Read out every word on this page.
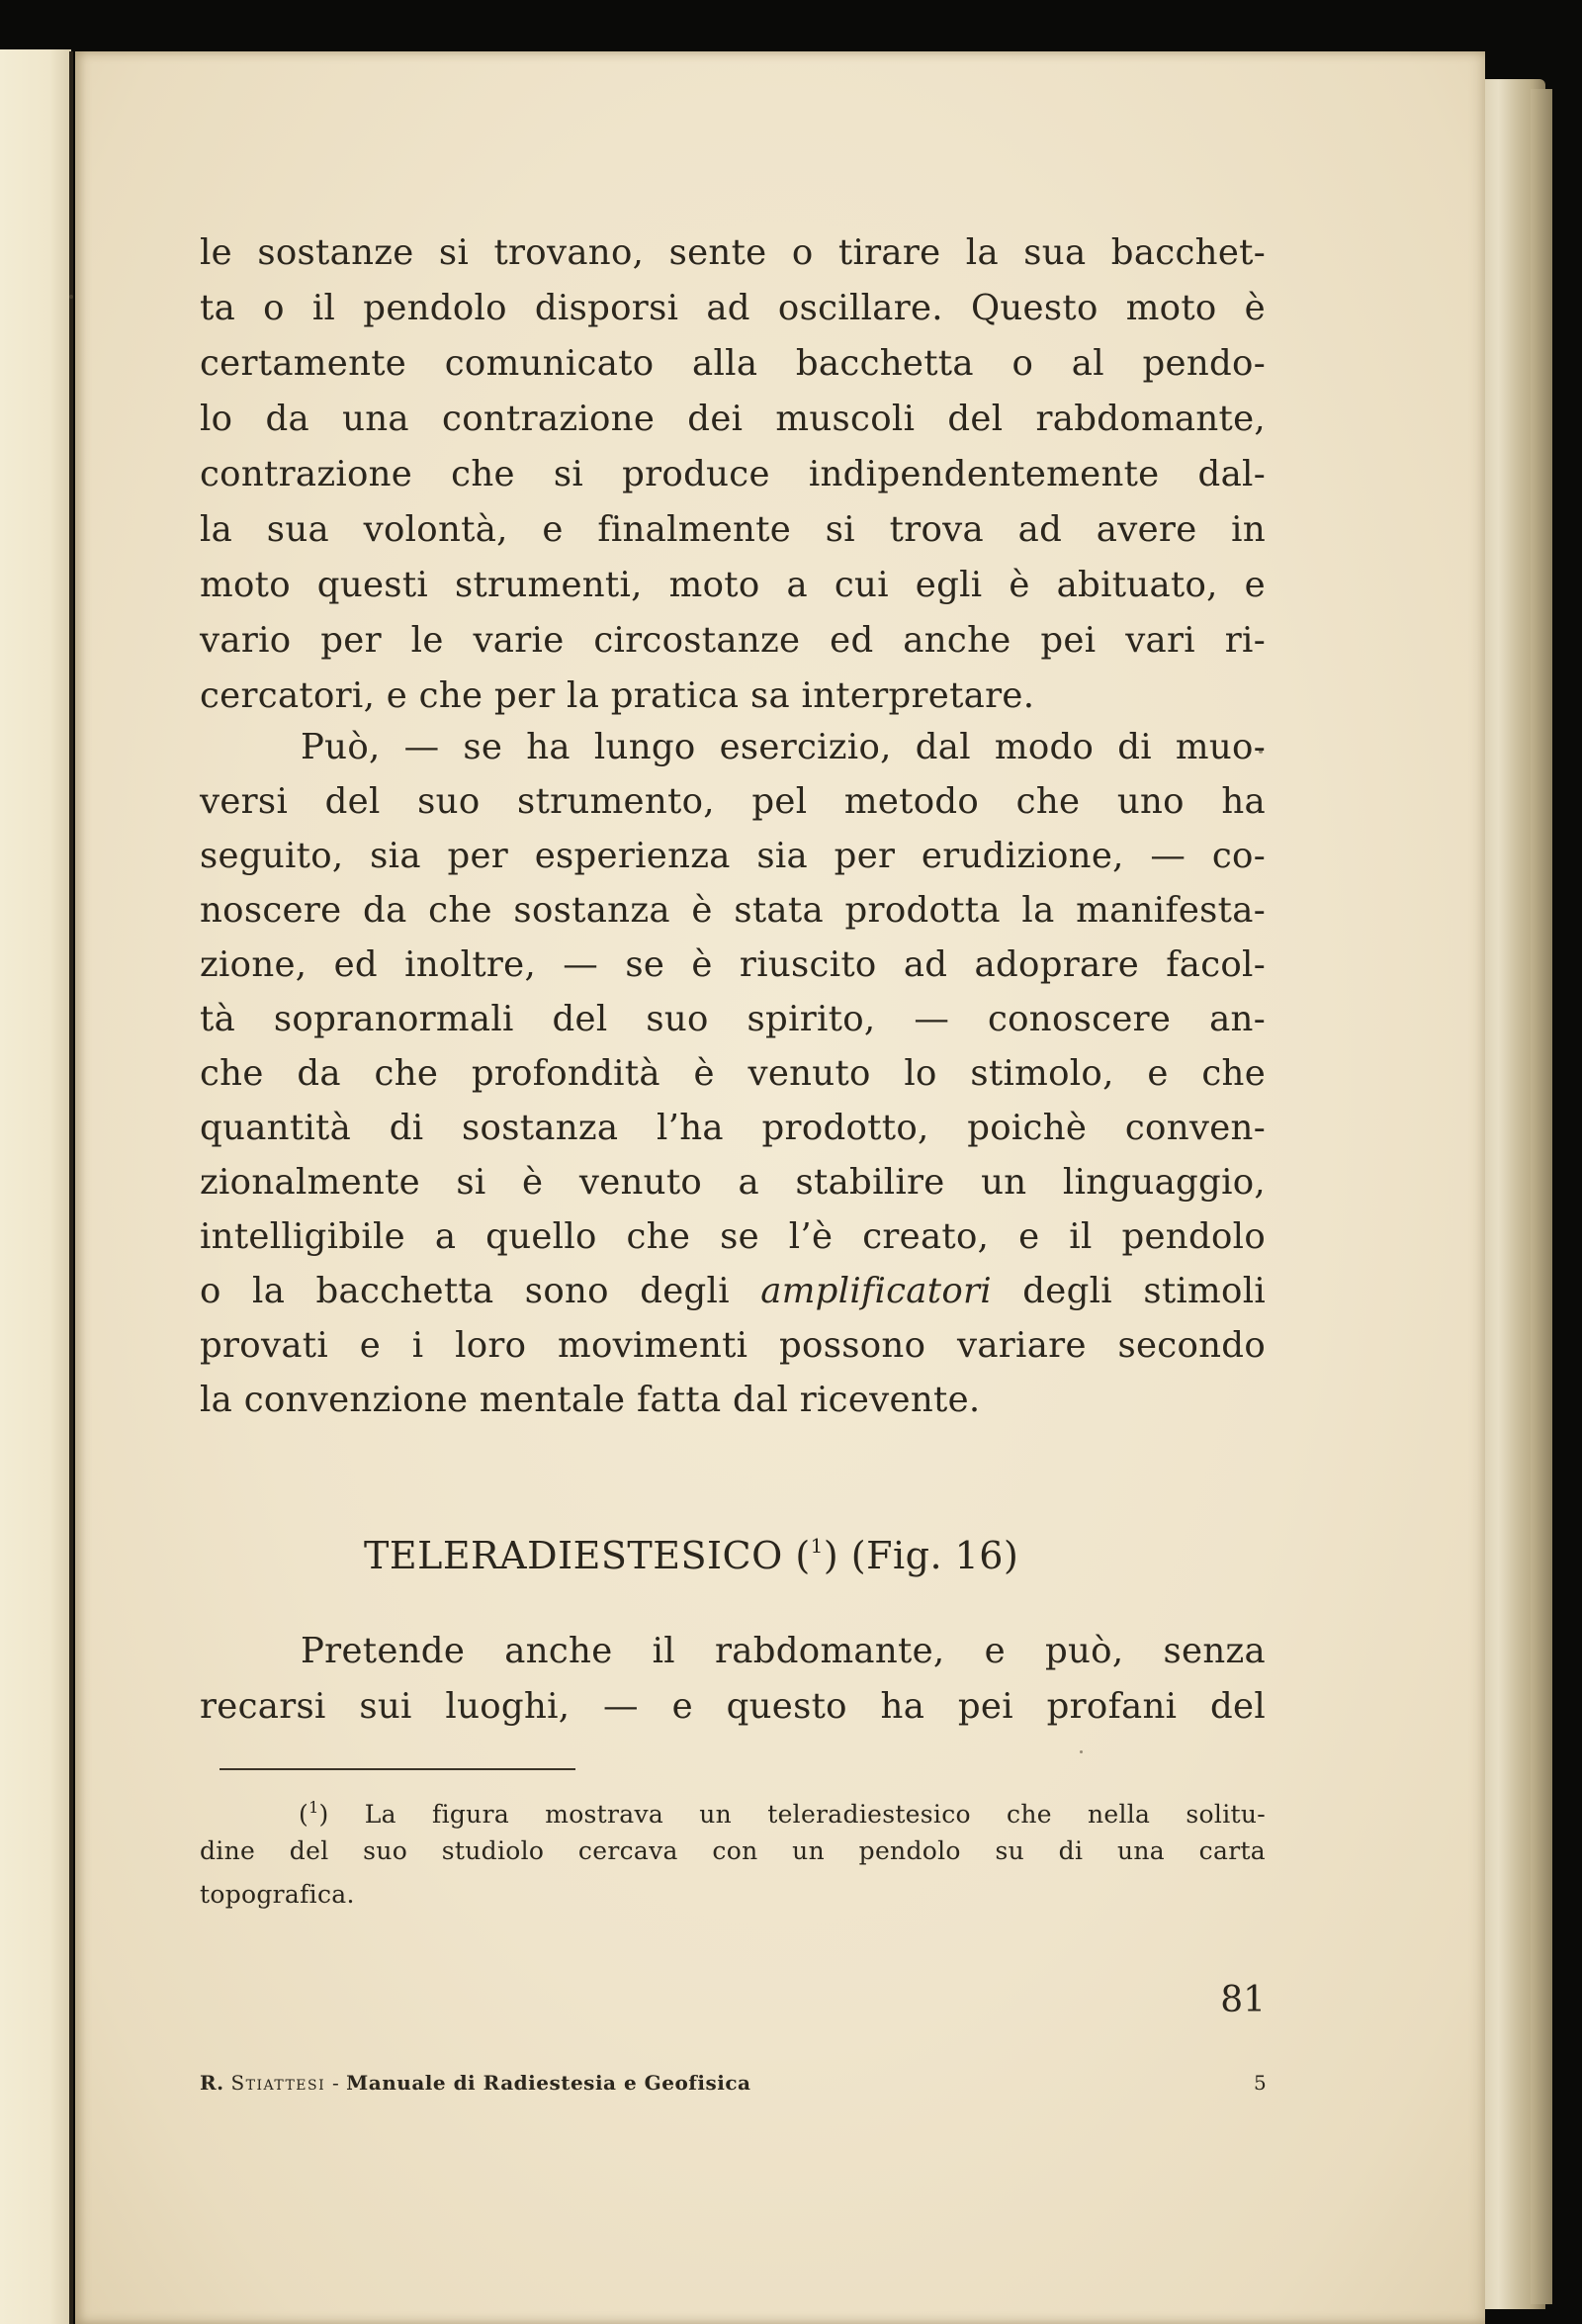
le sostanze si trovano, sente o tirare la sua bacchet-
ta o il pendolo disporsi ad oscillare. Questo moto è
certamente comunicato alla bacchetta o al pendo-
lo da una contrazione dei muscoli del rabdomante,
contrazione che si produce indipendentemente dal-
la sua volontà, e finalmente si trova ad avere in
moto questi strumenti, moto a cui egli è abituato, e
vario per le varie circostanze ed anche pei vari ri-
cercatori, e che per la pratica sa interpretare.
Può, — se ha lungo esercizio, dal modo di muo-
versi del suo strumento, pel metodo che uno ha
seguito, sia per esperienza sia per erudizione, — co-
noscere da che sostanza è stata prodotta la manifesta-
zione, ed inoltre, — se è riuscito ad adoprare facol-
tà sopranormali del suo spirito, — conoscere an-
che da che profondità è venuto lo stimolo, e che
quantità di sostanza l’ha prodotto, poichè conven-
zionalmente si è venuto a stabilire un linguaggio,
intelligibile a quello che se l’è creato, e il pendolo
o la bacchetta sono degli amplificatori degli stimoli
provati e i loro movimenti possono variare secondo
la convenzione mentale fatta dal ricevente.
TELERADIESTESICO ($^1$) (Fig. 16)
Pretende anche il rabdomante, e può, senza
recarsi sui luoghi, — e questo ha pei profani del
($^1$) La figura mostrava un teleradiestesico che nella solitu-
dine del suo studiolo cercava con un pendolo su di una carta
topografica.
81
R. Stiattesi - Manuale di Radiestesia e Geofisica	5
